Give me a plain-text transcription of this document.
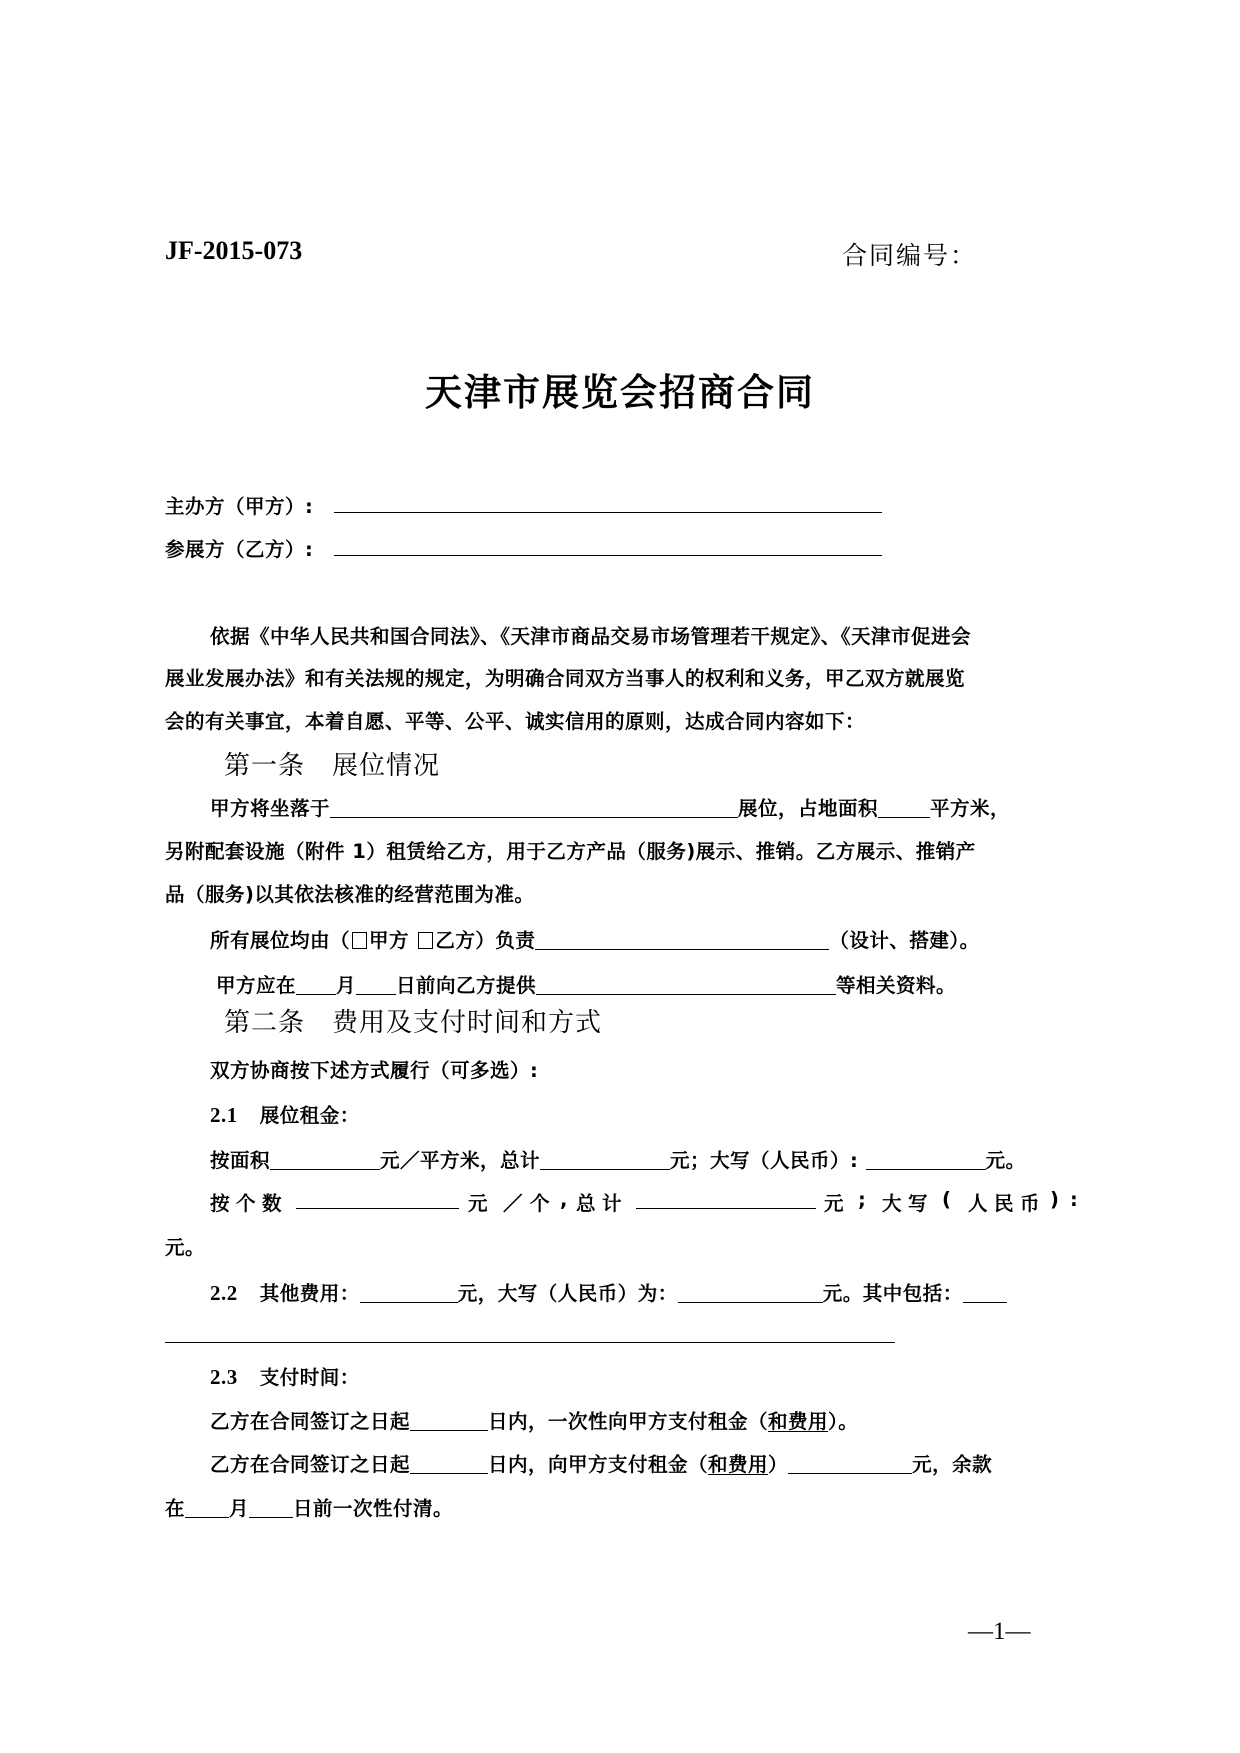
JF-2015-073	合同编号：
天津市展览会招商合同
主办方（甲方）:
参展方（乙方）:
依据《中华人民共和国合同法》、《天津市商品交易市场管理若干规定》、《天津市促进会
展业发展办法》和有关法规的规定，为明确合同双方当事人的权利和义务，甲乙双方就展览
会的有关事宜，本着自愿、平等、公平、诚实信用的原则，达成合同内容如下：
第一条　展位情况
甲方将坐落于	展位，占地面积	平方米，
另附配套设施（附件 1）租赁给乙方，用于乙方产品（服务)展示、推销。乙方展示、推销产
品（服务)以其依法核准的经营范围为准。
所有展位均由（ 甲方 乙方）负责	（设计、搭建）。
甲方应在 月 日前向乙方提供	等相关资料。
第二条　费用及支付时间和方式
双方协商按下述方式履行（可多选）:
2.1 展位租金：
按面积	元／平方米，总计	元；大写（人民币）:	元。
按 个 数	元 ／ 个 , 总 计	元 ; 大 写 ( 人 民 币 ) :
元。
2.2 其他费用：	元，大写（人民币）为：	元。其中包括：
2.3 支付时间：
乙方在合同签订之日起	日内，一次性向甲方支付租金（和费用）。
乙方在合同签订之日起	日内，向甲方支付租金（和费用）	元，余款
在 月 日前一次性付清。
—1—
